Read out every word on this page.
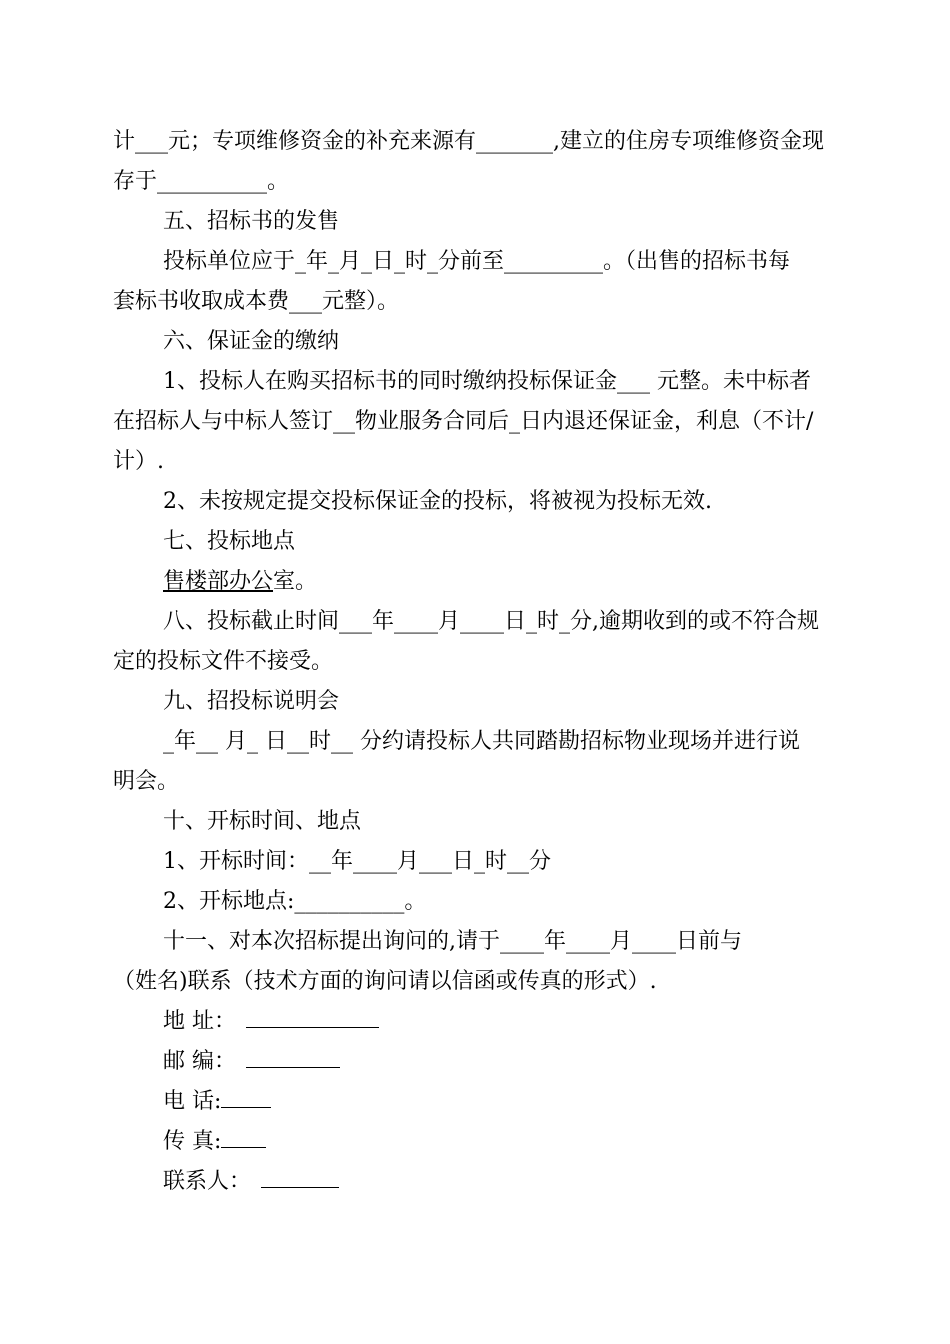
计___元；专项维修资金的补充来源有_______,建立的住房专项维修资金现
存于__________。
五、招标书的发售
投标单位应于_年_月_日_时_分前至_________。（出售的招标书每
套标书收取成本费___元整）。
六、保证金的缴纳
1、投标人在购买招标书的同时缴纳投标保证金___ 元整。未中标者
在招标人与中标人签订__物业服务合同后_日内退还保证金，利息（不计/
计）.
2、未按规定提交投标保证金的投标，将被视为投标无效.
七、投标地点
售楼部办公室。
八、投标截止时间___年____月____日_时_分,逾期收到的或不符合规
定的投标文件不接受。
九、招投标说明会
_年__ 月_ 日__时__ 分约请投标人共同踏勘招标物业现场并进行说
明会。
十、开标时间、地点
1、开标时间：__年____月___日_时__分
2、开标地点:__________。
十一、对本次招标提出询问的,请于____年____月____日前与
（姓名)联系（技术方面的询问请以信函或传真的形式）.
地 址：
邮 编：
电 话:
传 真:
联系人：
